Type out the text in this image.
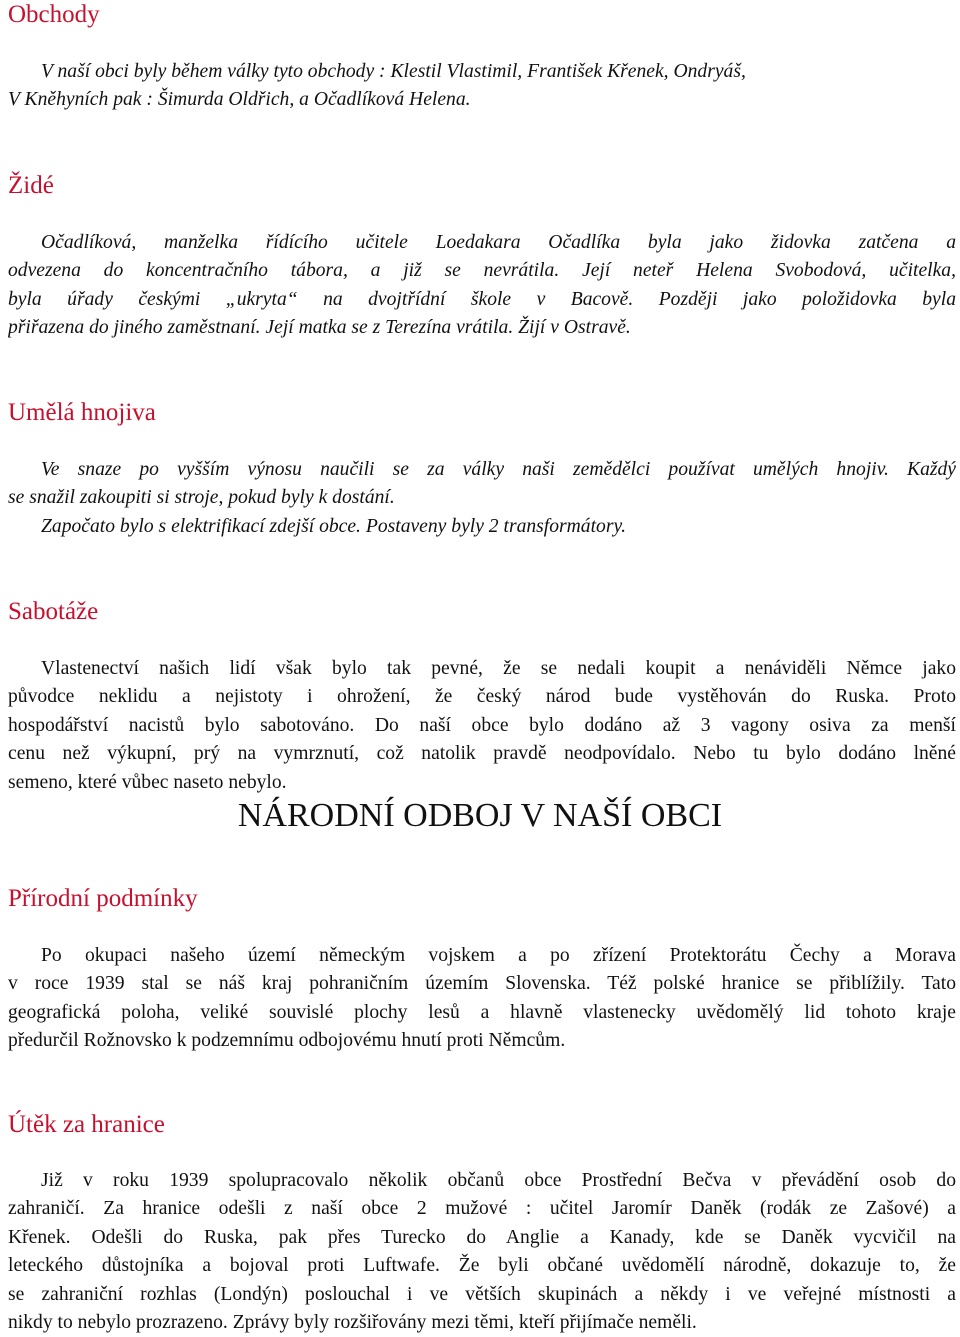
Obchody
V naší obci byly během války tyto obchody : Klestil Vlastimil, František Křenek, Ondryáš,
V Kněhyních pak : Šimurda Oldřich, a Očadlíková Helena.
Židé
Očadlíková, manželka řídícího učitele Loedakara Očadlíka byla jako židovka zatčena a
odvezena do koncentračního tábora, a již se nevrátila. Její neteř Helena Svobodová, učitelka,
byla úřady českými „ukryta“ na dvojtřídní škole v Bacově. Později jako položidovka byla
přiřazena do jiného zaměstnaní. Její matka se z Terezína vrátila. Žijí v Ostravě.
Umělá hnojiva
Ve snaze po vyšším výnosu naučili se za války naši zemědělci používat umělých hnojiv. Každý
se snažil zakoupiti si stroje, pokud byly k dostání.
Započato bylo s elektrifikací zdejší obce. Postaveny byly 2 transformátory.
Sabotáže
Vlastenectví našich lidí však bylo tak pevné, že se nedali koupit a nenáviděli Němce jako
původce neklidu a nejistoty i ohrožení, že český národ bude vystěhován do Ruska. Proto
hospodářství nacistů bylo sabotováno. Do naší obce bylo dodáno až 3 vagony osiva za menší
cenu než výkupní, prý na vymrznutí, což natolik pravdě neodpovídalo. Nebo tu bylo dodáno lněné
semeno, které vůbec naseto nebylo.
NÁRODNÍ ODBOJ V NAŠÍ OBCI
Přírodní podmínky
Po okupaci našeho území německým vojskem a po zřízení Protektorátu Čechy a Morava
v roce 1939 stal se náš kraj pohraničním územím Slovenska. Též polské hranice se přiblížily. Tato
geografická poloha, veliké souvislé plochy lesů a hlavně vlastenecky uvědomělý lid tohoto kraje
předurčil Rožnovsko k podzemnímu odbojovému hnutí proti Němcům.
Útěk za hranice
Již v roku 1939 spolupracovalo několik občanů obce Prostřední Bečva v převádění osob do
zahraničí. Za hranice odešli z naší obce 2 mužové : učitel Jaromír Daněk (rodák ze Zašové) a
Křenek. Odešli do Ruska, pak přes Turecko do Anglie a Kanady, kde se Daněk vycvičil na
leteckého důstojníka a bojoval proti Luftwafe. Že byli občané uvědomělí národně, dokazuje to, že
se zahraniční rozhlas (Londýn) poslouchal i ve větších skupinách a někdy i ve veřejné místnosti a
nikdy to nebylo prozrazeno. Zprávy byly rozšiřovány mezi těmi, kteří přijímače neměli.
